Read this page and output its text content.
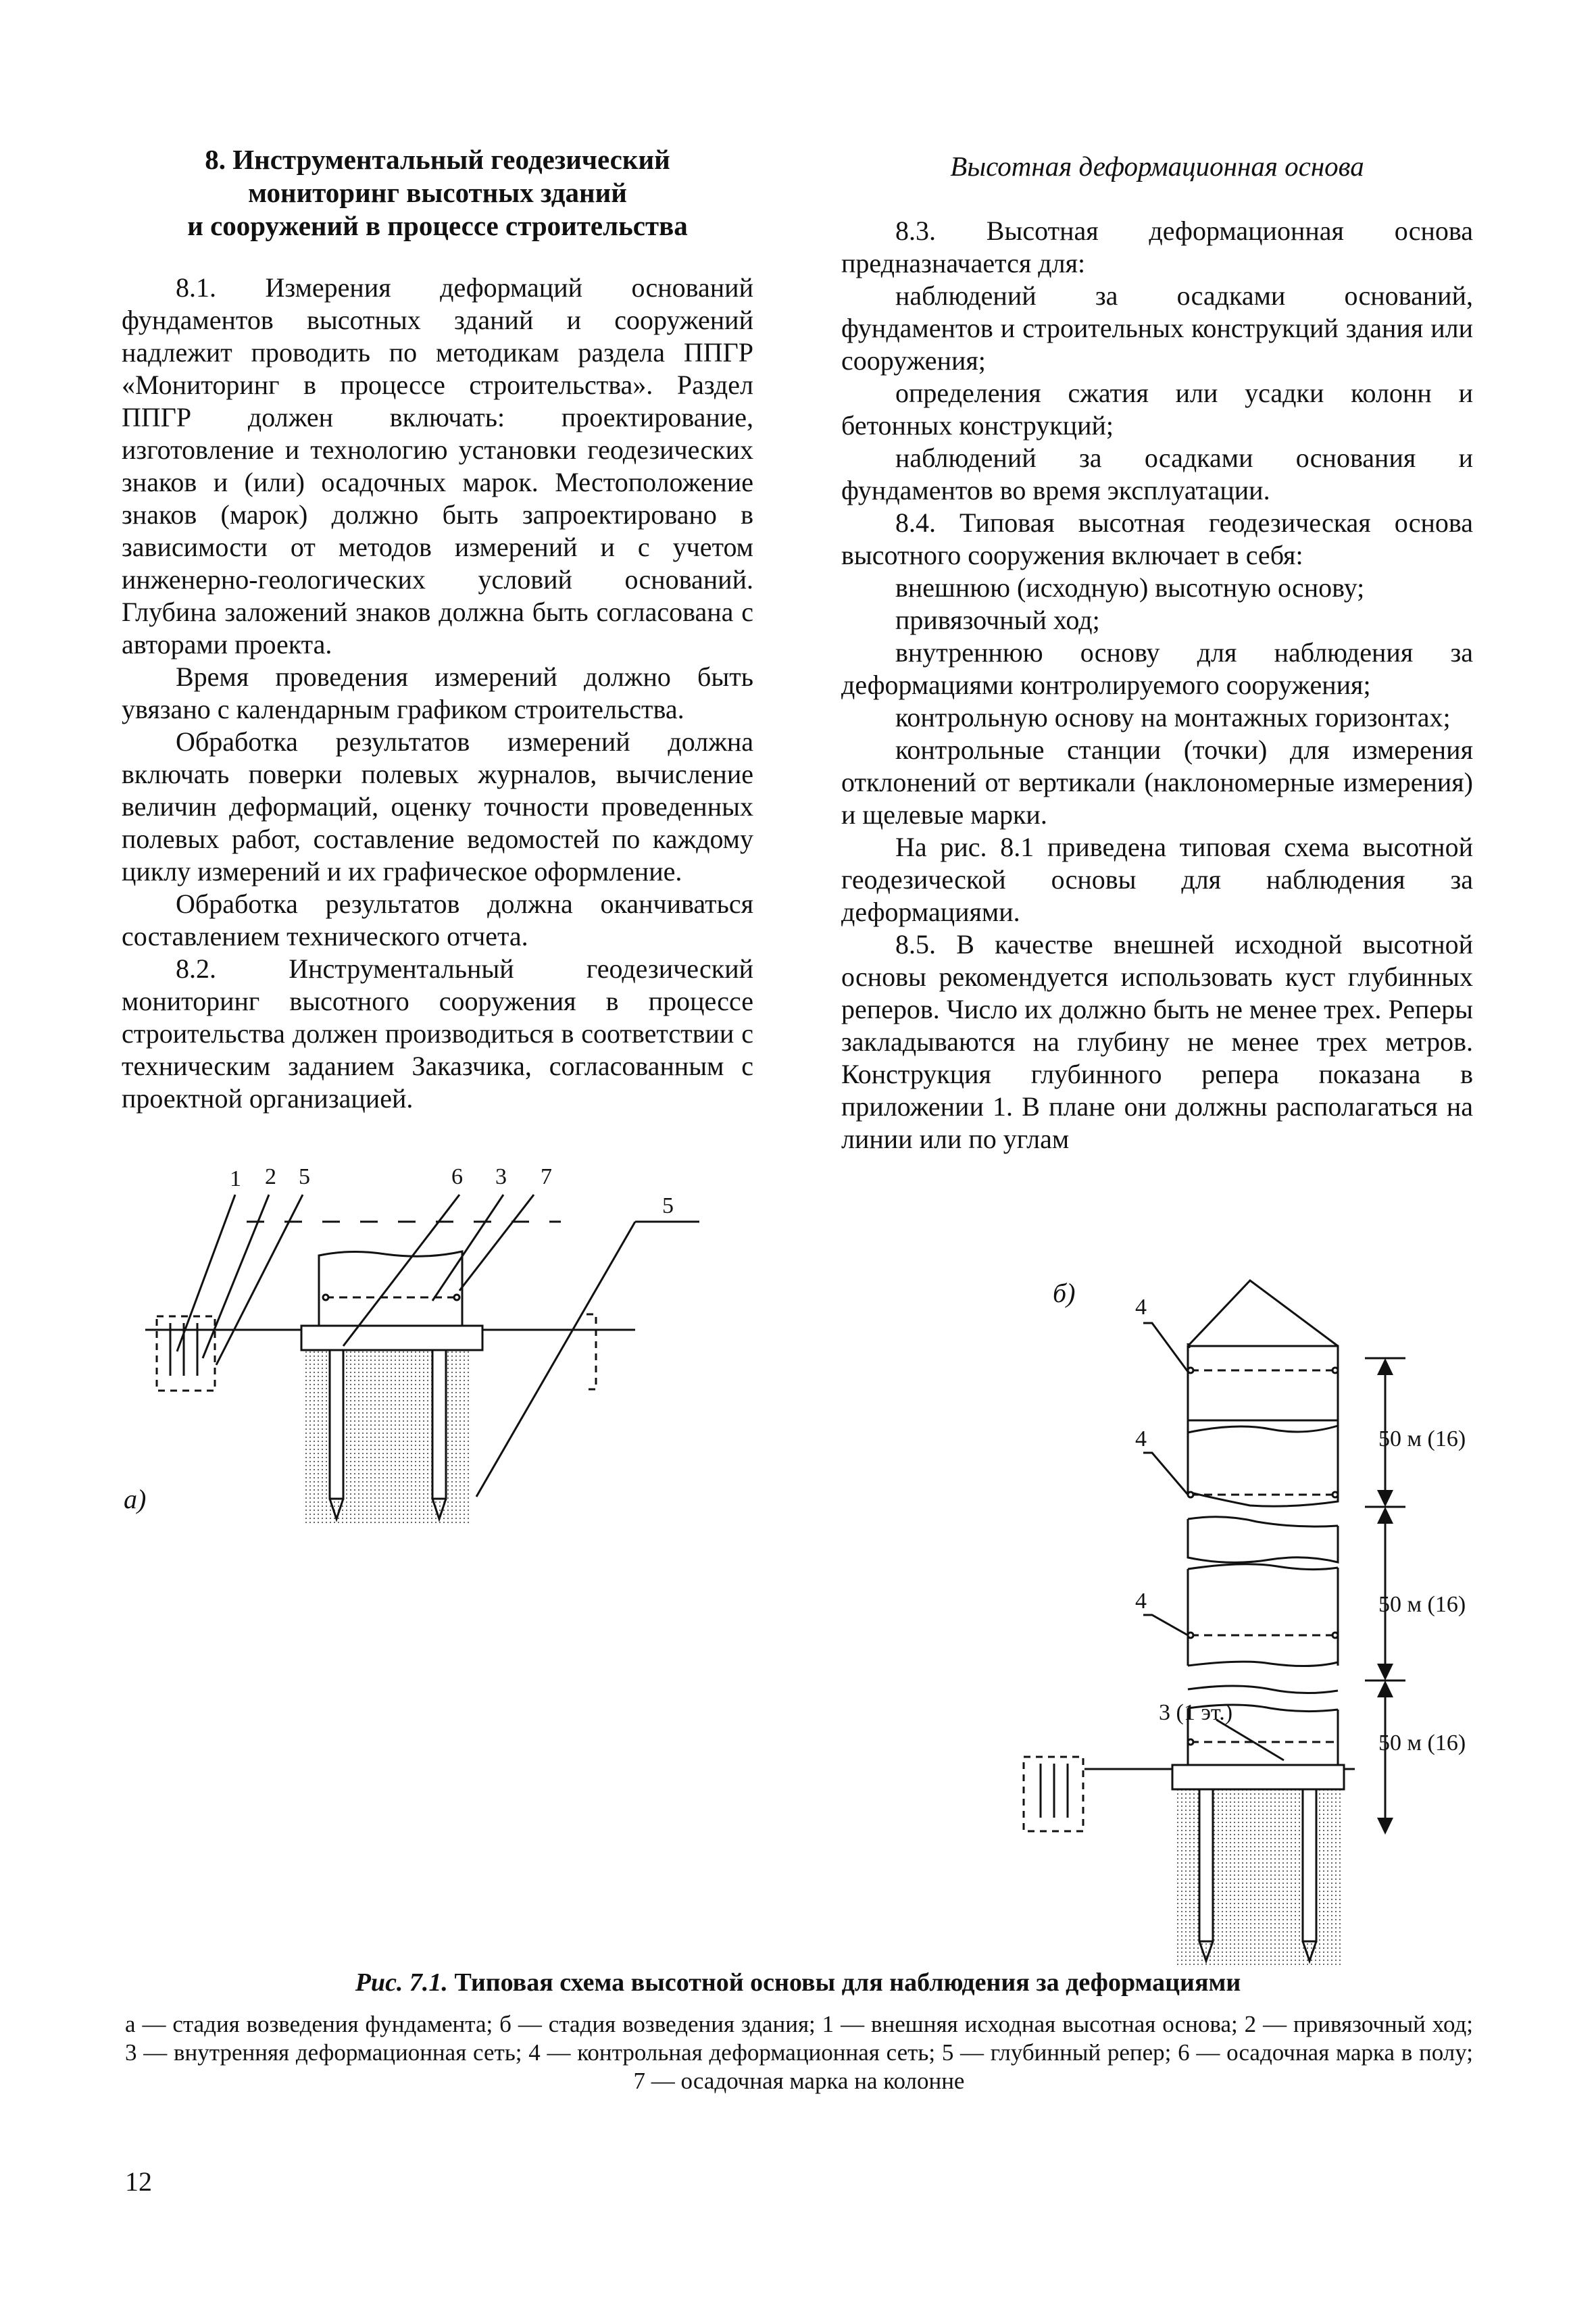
8. Инструментальный геодезический
мониторинг высотных зданий
и сооружений в процессе строительства

8.1. Измерения деформаций оснований фундаментов высотных зданий и сооружений надлежит проводить по методикам раздела ППГР «Мониторинг в процессе строительства». Раздел ППГР должен включать: проектирование, изготовление и технологию установки геодезических знаков и (или) осадочных марок. Местоположение знаков (марок) должно быть запроектировано в зависимости от методов измерений и с учетом инженерно-геологических условий оснований. Глубина заложений знаков должна быть согласована с авторами проекта.

Время проведения измерений должно быть увязано с календарным графиком строительства.

Обработка результатов измерений должна включать поверки полевых журналов, вычисление величин деформаций, оценку точности проведенных полевых работ, составление ведомостей по каждому циклу измерений и их графическое оформление.

Обработка результатов должна оканчиваться составлением технического отчета.

8.2. Инструментальный геодезический мониторинг высотного сооружения в процессе строительства должен производиться в соответствии с техническим заданием Заказчика, согласованным с проектной организацией.

Высотная деформационная основа

8.3. Высотная деформационная основа предназначается для:

наблюдений за осадками оснований, фундаментов и строительных конструкций здания или сооружения;

определения сжатия или усадки колонн и бетонных конструкций;

наблюдений за осадками основания и фундаментов во время эксплуатации.

8.4. Типовая высотная геодезическая основа высотного сооружения включает в себя:

внешнюю (исходную) высотную основу;

привязочный ход;

внутреннюю основу для наблюдения за деформациями контролируемого сооружения;

контрольную основу на монтажных горизонтах;

контрольные станции (точки) для измерения отклонений от вертикали (наклономерные измерения) и щелевые марки.

На рис. 8.1 приведена типовая схема высотной геодезической основы для наблюдения за деформациями.

8.5. В качестве внешней исходной высотной основы рекомендуется использовать куст глубинных реперов. Число их должно быть не менее трех. Реперы закладываются на глубину не менее трех метров. Конструкция глубинного репера показана в приложении 1. В плане они должны располагаться на линии или по углам

а)
б)
1 2 5	6 3 7
5
4
4
4
3 (1 эт.)
50 м (16)
50 м (16)
50 м (16)
Рис. 7.1. Типовая схема высотной основы для наблюдения за деформациями
а — стадия возведения фундамента; б — стадия возведения здания; 1 — внешняя исходная высотная основа; 2 — привязочный ход; 3 — внутренняя деформационная сеть; 4 — контрольная деформационная сеть; 5 — глубинный репер; 6 — осадочная марка в полу; 7 — осадочная марка на колонне
12
